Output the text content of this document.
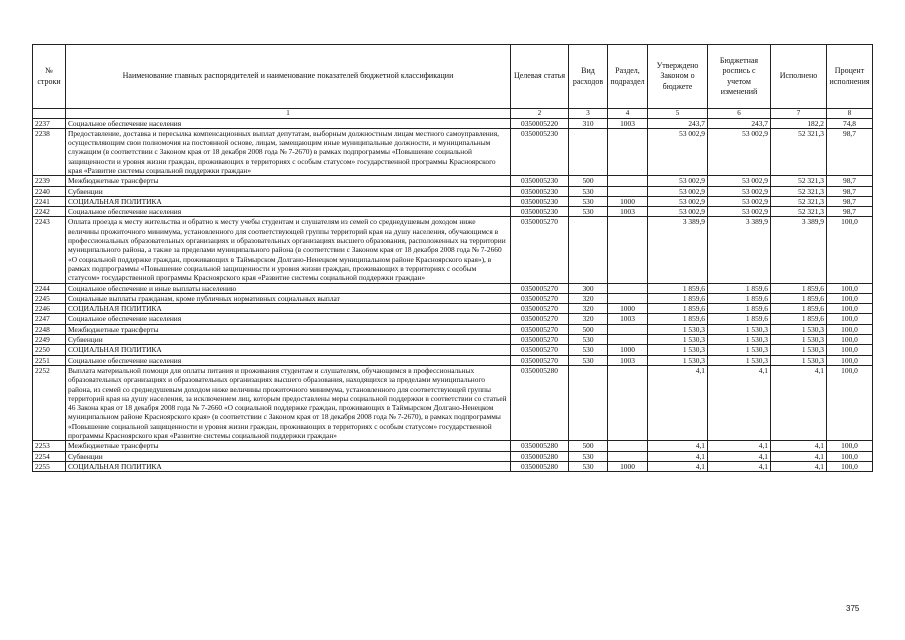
№ строки	Наименование главных распорядителей и наименование показателей бюджетной классификации	Целевая статья	Вид расходов	Раздел, подраздел	Утверждено Законом о бюджете	Бюджетная роспись с учетом изменений	Исполнено	Процент исполнения
	1	2	3	4	5	6	7	8
2237	Социальное обеспечение населения	0350005220	310	1003	243,7	243,7	182,2	74,8
2238	Предоставление, доставка и пересылка компенсационных выплат депутатам, выборным должностным лицам местного самоуправления, осуществляющим свои полномочия на постоянной основе, лицам, замещающим иные муниципальные должности, и муниципальным служащим (в соответствии с Законом края от 18 декабря 2008 года № 7-2670) в рамках подпрограммы «Повышение социальной защищенности и уровня жизни граждан, проживающих в территориях с особым статусом» государственной программы Красноярского края «Развитие системы социальной поддержки граждан»	0350005230			53 002,9	53 002,9	52 321,3	98,7
2239	Межбюджетные трансферты	0350005230	500		53 002,9	53 002,9	52 321,3	98,7
2240	Субвенции	0350005230	530		53 002,9	53 002,9	52 321,3	98,7
2241	СОЦИАЛЬНАЯ ПОЛИТИКА	0350005230	530	1000	53 002,9	53 002,9	52 321,3	98,7
2242	Социальное обеспечение населения	0350005230	530	1003	53 002,9	53 002,9	52 321,3	98,7
2243	Оплата проезда к месту жительства и обратно к месту учебы студентам и слушателям из семей со среднедушевым доходом ниже величины прожиточного минимума, установленного для соответствующей группы территорий края на душу населения, обучающимся в профессиональных образовательных организациях и образовательных организациях высшего образования, расположенных на территории муниципального района, а также за пределами муниципального района (в соответствии с Законом края от 18 декабря 2008 года № 7-2660 «О социальной поддержке граждан, проживающих в Таймырском Долгано-Ненецком муниципальном районе Красноярского края»), в рамках подпрограммы «Повышение социальной защищенности и уровня жизни граждан, проживающих в территориях с особым статусом» государственной программы Красноярского края «Развитие системы социальной поддержки граждан»	0350005270			3 389,9	3 389,9	3 389,9	100,0
2244	Социальное обеспечение и иные выплаты населению	0350005270	300		1 859,6	1 859,6	1 859,6	100,0
2245	Социальные выплаты гражданам, кроме публичных нормативных социальных выплат	0350005270	320		1 859,6	1 859,6	1 859,6	100,0
2246	СОЦИАЛЬНАЯ ПОЛИТИКА	0350005270	320	1000	1 859,6	1 859,6	1 859,6	100,0
2247	Социальное обеспечение населения	0350005270	320	1003	1 859,6	1 859,6	1 859,6	100,0
2248	Межбюджетные трансферты	0350005270	500		1 530,3	1 530,3	1 530,3	100,0
2249	Субвенции	0350005270	530		1 530,3	1 530,3	1 530,3	100,0
2250	СОЦИАЛЬНАЯ ПОЛИТИКА	0350005270	530	1000	1 530,3	1 530,3	1 530,3	100,0
2251	Социальное обеспечение населения	0350005270	530	1003	1 530,3	1 530,3	1 530,3	100,0
2252	Выплата материальной помощи для оплаты питания и проживания студентам и слушателям, обучающимся в профессиональных образовательных организациях и образовательных организациях высшего образования, находящихся за пределами муниципального района, из семей со среднедушевым доходом ниже величины прожиточного минимума, установленного для соответствующей группы территорий края на душу населения, за исключением лиц, которым предоставлены меры социальной поддержки в соответствии со статьей 46 Закона края от 18 декабря 2008 года № 7-2660 «О социальной поддержке граждан, проживающих в Таймырском Долгано-Ненецком муниципальном районе Красноярского края» (в соответствии с Законом края от 18 декабря 2008 года № 7-2670), в рамках подпрограммы «Повышение социальной защищенности и уровня жизни граждан, проживающих в территориях с особым статусом» государственной программы Красноярского края «Развитие системы социальной поддержки граждан»	0350005280			4,1	4,1	4,1	100,0
2253	Межбюджетные трансферты	0350005280	500		4,1	4,1	4,1	100,0
2254	Субвенции	0350005280	530		4,1	4,1	4,1	100,0
2255	СОЦИАЛЬНАЯ ПОЛИТИКА	0350005280	530	1000	4,1	4,1	4,1	100,0
375
